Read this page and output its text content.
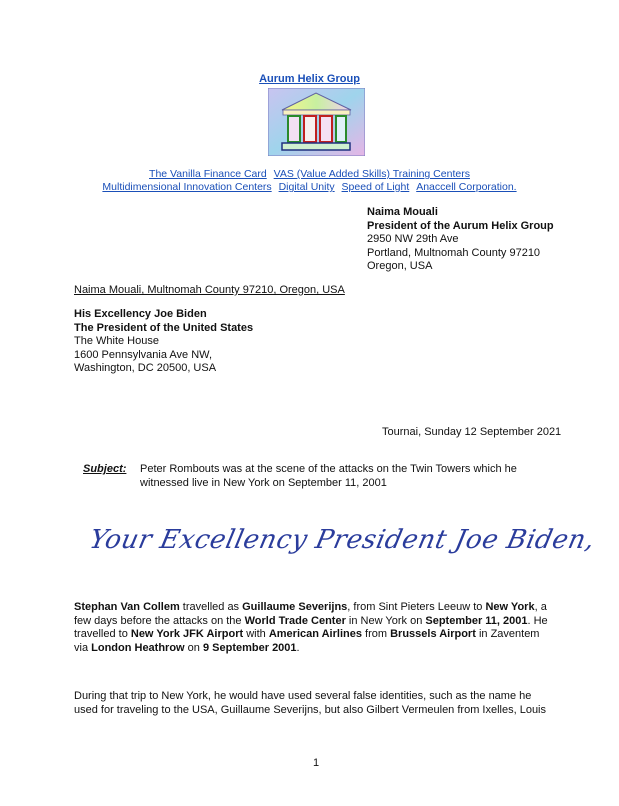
Aurum Helix Group
The Vanilla Finance Card VAS (Value Added Skills) Training Centers
Multidimensional Innovation Centers Digital Unity Speed of Light Anaccell Corporation.
Naima Mouali
President of the Aurum Helix Group
2950 NW 29th Ave
Portland, Multnomah County 97210
Oregon, USA
Naima Mouali, Multnomah County 97210, Oregon, USA
His Excellency Joe Biden
The President of the United States
The White House
1600 Pennsylvania Ave NW,
Washington, DC 20500, USA
Tournai, Sunday 12 September 2021
Subject: Peter Rombouts was at the scene of the attacks on the Twin Towers which he
witnessed live in New York on September 11, 2001
Your Excellency President Joe Biden,
Stephan Van Collem travelled as Guillaume Severijns, from Sint Pieters Leeuw to New York, a
few days before the attacks on the World Trade Center in New York on September 11, 2001. He
travelled to New York JFK Airport with American Airlines from Brussels Airport in Zaventem
via London Heathrow on 9 September 2001.
During that trip to New York, he would have used several false identities, such as the name he
used for traveling to the USA, Guillaume Severijns, but also Gilbert Vermeulen from Ixelles, Louis
1
